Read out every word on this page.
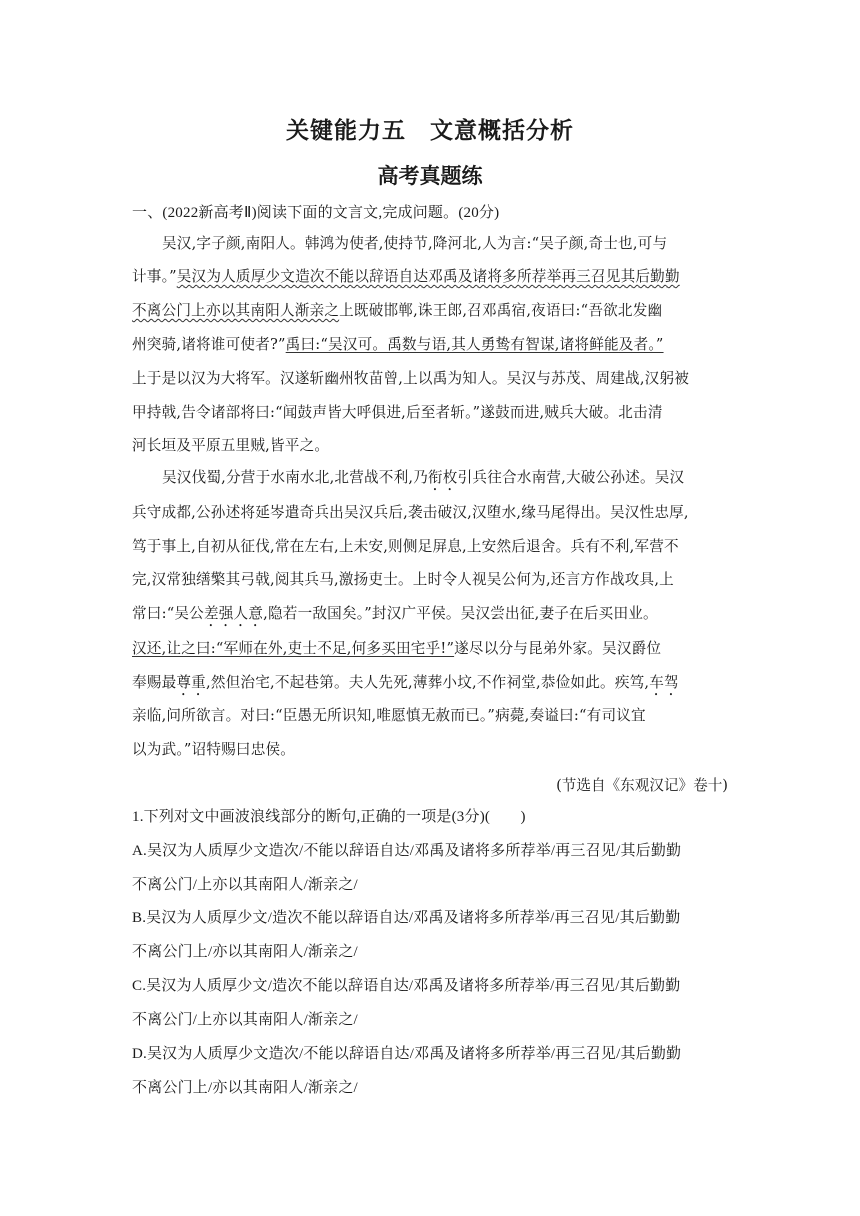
关键能力五　文意概括分析
高考真题练
一、(2022新高考Ⅱ)阅读下面的文言文,完成问题。(20分)
吴汉,字子颜,南阳人。韩鸿为使者,使持节,降河北,人为言:“吴子颜,奇士也,可与
计事。”吴汉为人质厚少文造次不能以辞语自达邓禹及诸将多所荐举再三召见其后勤勤
不离公门上亦以其南阳人渐亲之上既破邯郸,诛王郎,召邓禹宿,夜语曰:“吾欲北发幽
州突骑,诸将谁可使者?”禹曰:“吴汉可。禹数与语,其人勇鸷有智谋,诸将鲜能及者。”
上于是以汉为大将军。汉遂斩幽州牧苗曾,上以禹为知人。吴汉与苏茂、周建战,汉躬被
甲持戟,告令诸部将曰:“闻鼓声皆大呼俱进,后至者斩。”遂鼓而进,贼兵大破。北击清
河长垣及平原五里贼,皆平之。
吴汉伐蜀,分营于水南水北,北营战不利,乃衔枚引兵往合水南营,大破公孙述。吴汉
兵守成都,公孙述将延岑遣奇兵出吴汉兵后,袭击破汉,汉堕水,缘马尾得出。吴汉性忠厚,
笃于事上,自初从征伐,常在左右,上未安,则侧足屏息,上安然后退舍。兵有不利,军营不
完,汉常独缮檠其弓戟,阅其兵马,激扬吏士。上时令人视吴公何为,还言方作战攻具,上
常曰:“吴公差强人意,隐若一敌国矣。”封汉广平侯。吴汉尝出征,妻子在后买田业。
汉还,让之曰:“军师在外,吏士不足,何多买田宅乎!”遂尽以分与昆弟外家。吴汉爵位
奉赐最尊重,然但治宅,不起巷第。夫人先死,薄葬小坟,不作祠堂,恭俭如此。疾笃,车驾
亲临,问所欲言。对曰:“臣愚无所识知,唯愿慎无赦而已。”病薨,奏谥曰:“有司议宜
以为武。”诏特赐曰忠侯。
(节选自《东观汉记》卷十)
1.下列对文中画波浪线部分的断句,正确的一项是(3分)(　　)
A.吴汉为人质厚少文造次/不能以辞语自达/邓禹及诸将多所荐举/再三召见/其后勤勤
不离公门/上亦以其南阳人/渐亲之/
B.吴汉为人质厚少文/造次不能以辞语自达/邓禹及诸将多所荐举/再三召见/其后勤勤
不离公门上/亦以其南阳人/渐亲之/
C.吴汉为人质厚少文/造次不能以辞语自达/邓禹及诸将多所荐举/再三召见/其后勤勤
不离公门/上亦以其南阳人/渐亲之/
D.吴汉为人质厚少文造次/不能以辞语自达/邓禹及诸将多所荐举/再三召见/其后勤勤
不离公门上/亦以其南阳人/渐亲之/
